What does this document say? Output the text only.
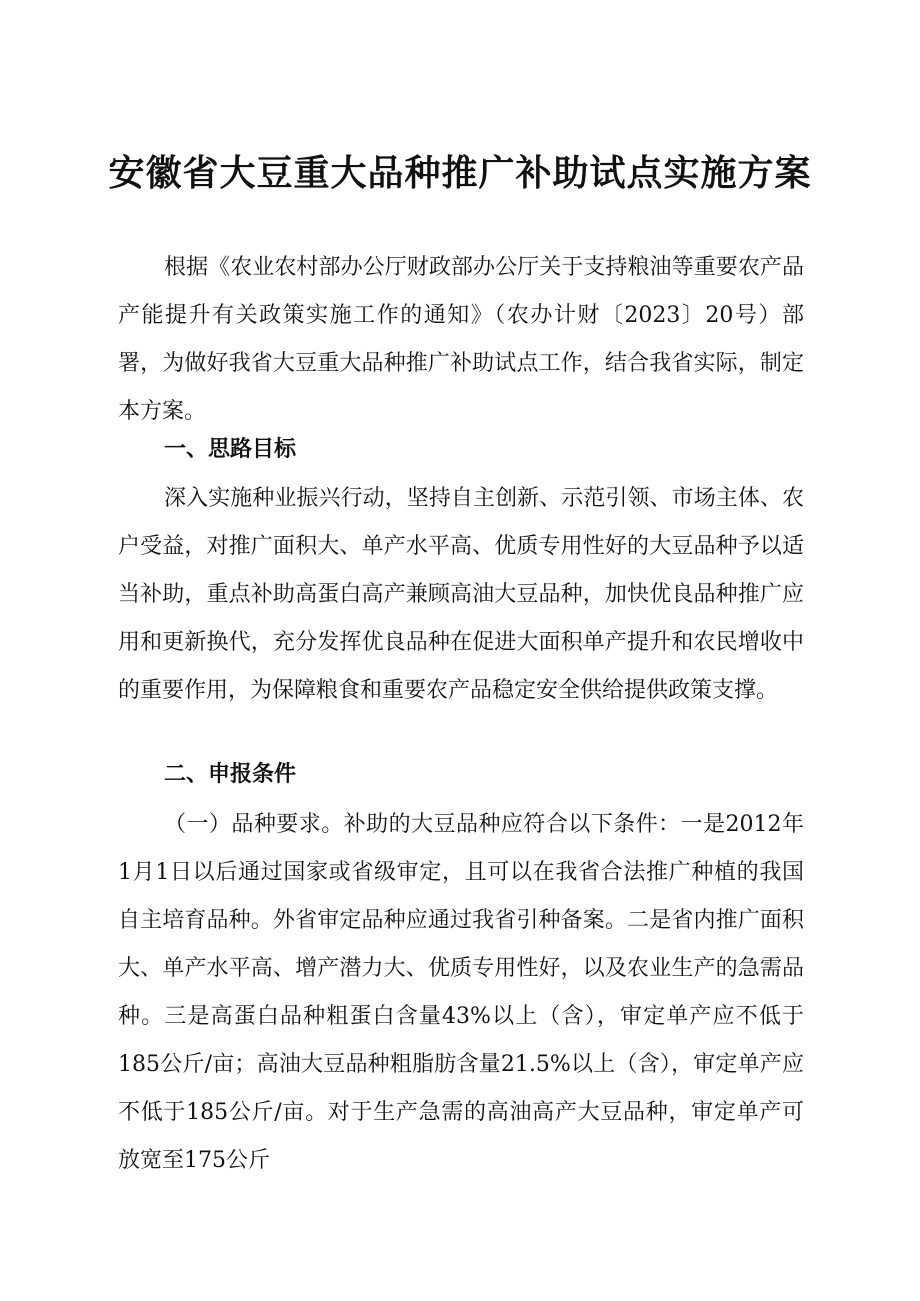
安徽省大豆重大品种推广补助试点实施方案

根据《农业农村部办公厅财政部办公厅关于支持粮油等重要农产品产能提升有关政策实施工作的通知》（农办计财〔2023〕20号）部署，为做好我省大豆重大品种推广补助试点工作，结合我省实际，制定本方案。

一、思路目标

深入实施种业振兴行动，坚持自主创新、示范引领、市场主体、农户受益，对推广面积大、单产水平高、优质专用性好的大豆品种予以适当补助，重点补助高蛋白高产兼顾高油大豆品种，加快优良品种推广应用和更新换代，充分发挥优良品种在促进大面积单产提升和农民增收中的重要作用，为保障粮食和重要农产品稳定安全供给提供政策支撑。

二、申报条件

（一）品种要求。补助的大豆品种应符合以下条件：一是2012年1月1日以后通过国家或省级审定，且可以在我省合法推广种植的我国自主培育品种。外省审定品种应通过我省引种备案。二是省内推广面积大、单产水平高、增产潜力大、优质专用性好，以及农业生产的急需品种。三是高蛋白品种粗蛋白含量43%以上（含），审定单产应不低于185公斤/亩；高油大豆品种粗脂肪含量21.5%以上（含），审定单产应不低于185公斤/亩。对于生产急需的高油高产大豆品种，审定单产可放宽至175公斤
